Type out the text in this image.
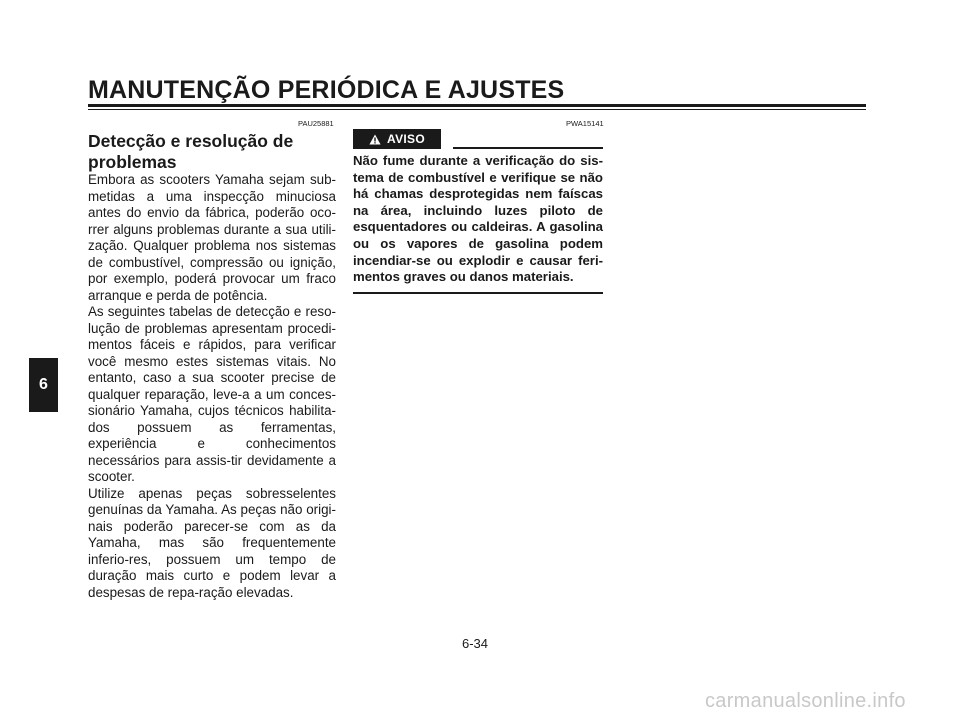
MANUTENÇÃO PERIÓDICA E AJUSTES
6
PAU25881	PWA15141
Detecção e resolução de problemas

Embora as scooters Yamaha sejam sub-metidas a uma inspecção minuciosa antes do envio da fábrica, poderão oco-rrer alguns problemas durante a sua utili-zação. Qualquer problema nos sistemas de combustível, compressão ou ignição, por exemplo, poderá provocar um fraco arranque e perda de potência.

As seguintes tabelas de detecção e reso-lução de problemas apresentam procedi-mentos fáceis e rápidos, para verificar você mesmo estes sistemas vitais. No entanto, caso a sua scooter precise de qualquer reparação, leve-a a um conces-sionário Yamaha, cujos técnicos habilita-dos possuem as ferramentas, experiência e conhecimentos necessários para assis-tir devidamente a scooter.

Utilize apenas peças sobresselentes genuínas da Yamaha. As peças não origi-nais poderão parecer-se com as da Yamaha, mas são frequentemente inferio-res, possuem um tempo de duração mais curto e podem levar a despesas de repa-ração elevadas.

AVISO
Não fume durante a verificação do sis-tema de combustível e verifique se não há chamas desprotegidas nem faíscas na área, incluindo luzes piloto de esquentadores ou caldeiras. A gasolina ou os vapores de gasolina podem incendiar-se ou explodir e causar feri-mentos graves ou danos materiais.
6-34
carmanualsonline.info
